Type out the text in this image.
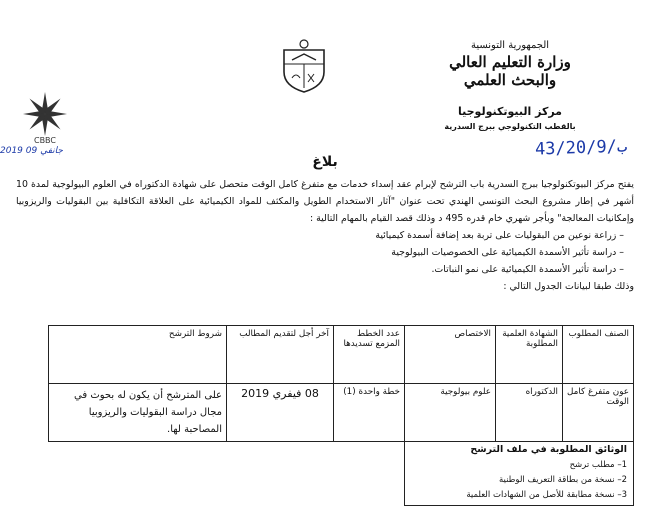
الجمهورية التونسية
وزارة التعليم العالي
والبحث العلمي
مركز البيوتكنولوجيا
بالقطب التكنولوجي ببرج السدرية
CBBC
2019 جانفي 09	43/20/9/ب
بلاغ

يفتح مركز البيوتكنولوجيا ببرج السدرية باب الترشح لإبرام عقد إسداء خدمات مع متفرغ كامل الوقت متحصل على شهادة الدكتوراه في العلوم البيولوجية لمدة 10 أشهر في إطار مشروع البحث التونسي الهندي تحت عنوان "آثار الاستخدام الطويل والمكثف للمواد الكيميائية على العلاقة التكافلية بين البقوليات والريزوبيا وإمكانيات المعالجة" وبأجر شهري خام قدره 495 د وذلك قصد القيام بالمهام التالية :

– زراعة نوعين من البقوليات على تربة بعد إضافة أسمدة كيميائية
– دراسة تأثير الأسمدة الكيميائية على الخصوصيات البيولوجية
– دراسة تأثير الأسمدة الكيميائية على نمو النباتات.

وذلك طبقا لبيانات الجدول التالي :

الصنف المطلوب	الشهادة العلمية المطلوبة	الاختصاص	عدد الخطط المزمع تسديدها	آخر أجل لتقديم المطالب	شروط الترشح
عون متفرغ كامل الوقت	الدكتوراه	علوم بيولوجية	خطة واحدة (1)	08 فيفري 2019	على المترشح أن يكون له بحوث في مجال دراسة البقوليات والريزوبيا المصاحبة لها.

الوثائق المطلوبة في ملف الترشح
1– مطلب ترشح
2– نسخة من بطاقة التعريف الوطنية
3– نسخة مطابقة للأصل من الشهادات العلمية					
